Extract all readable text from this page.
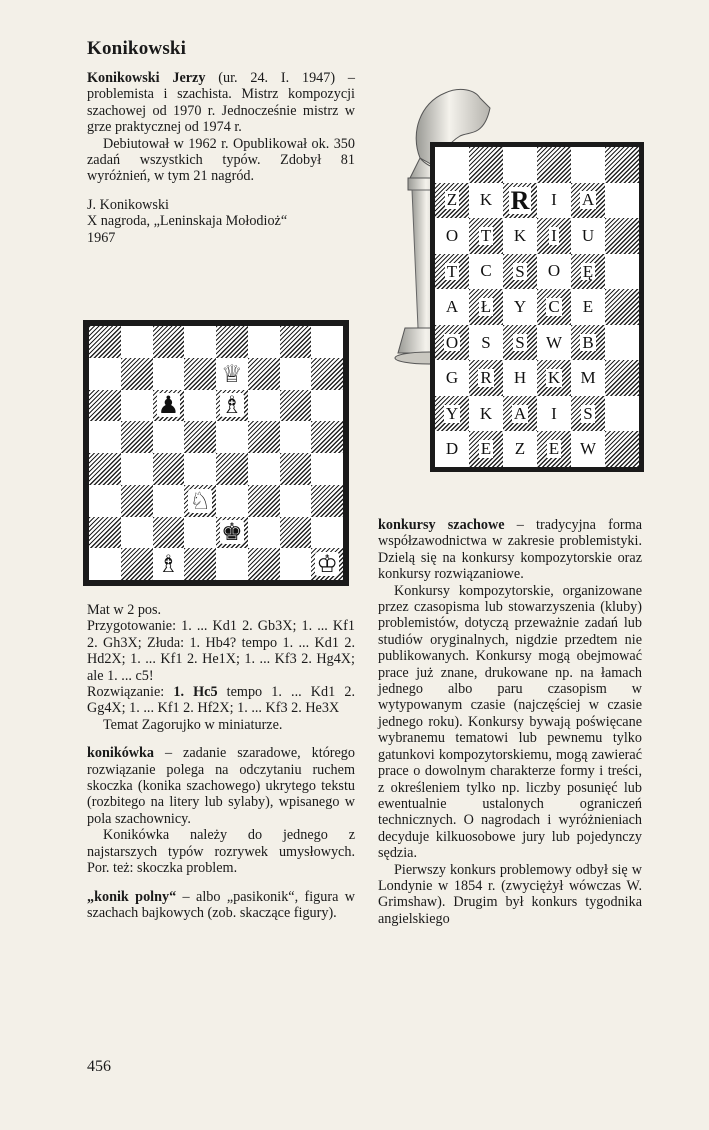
Konikowski

Konikowski Jerzy (ur. 24. I. 1947) – problemista i szachista. Mistrz kompozycji szachowej od 1970 r. Jednocześnie mistrz w grze praktycznej od 1974 r.

Debiutował w 1962 r. Opublikował ok. 350 zadań wszystkich typów. Zdobył 81 wyróżnień, w tym 21 nagród.

J. Konikowski

X nagroda, „Leninskaja Mołodioż“

1967

♕
♟ ♗
♘
♚
♗	♔

Mat w 2 pos.

Przygotowanie: 1. ... Kd1 2. Gb3X; 1. ... Kf1 2. Gh3X; Złuda: 1. Hb4? tempo 1. ... Kd1 2. Hd2X; 1. ... Kf1 2. He1X; 1. ... Kf3 2. Hg4X; ale 1. ... c5!

Rozwiązanie: 1. Hc5 tempo 1. ... Kd1 2. Gg4X; 1. ... Kf1 2. Hf2X; 1. ... Kf3 2. He3X

Temat Zagorujko w miniaturze.

konikówka – zadanie szaradowe, którego rozwiązanie polega na odczytaniu ruchem skoczka (konika szachowego) ukrytego tekstu (rozbitego na litery lub sylaby), wpisanego w pola szachownicy.

Konikówka należy do jednego z najstarszych typów rozrywek umysłowych. Por. też: skoczka problem.

„konik polny“ – albo „pasikonik“, figura w szachach bajkowych (zob. skaczące figury).

Z K R I A
O T K I U
T C S O Ę
A Ł Y C E
O S S W B
G R H K M
Y K A I S
D E Z E W

konkursy szachowe – tradycyjna forma współzawodnictwa w zakresie problemistyki. Dzielą się na konkursy kompozytorskie oraz konkursy rozwiązaniowe.

Konkursy kompozytorskie, organizowane przez czasopisma lub stowarzyszenia (kluby) problemistów, dotyczą przeważnie zadań lub studiów oryginalnych, nigdzie przedtem nie publikowanych. Konkursy mogą obejmować prace już znane, drukowane np. na łamach jednego albo paru czasopism w wytypowanym czasie (najczęściej w czasie jednego roku). Konkursy bywają poświęcane wybranemu tematowi lub pewnemu tylko gatunkovi kompozytorskiemu, mogą zawierać prace o dowolnym charakterze formy i treści, z określeniem tylko np. liczby posunięć lub ewentualnie ustalonych ograniczeń technicznych. O nagrodach i wyróżnieniach decyduje kilkuosobowe jury lub pojedynczy sędzia.

Pierwszy konkurs problemowy odbył się w Londynie w 1854 r. (zwyciężył wówczas W. Grimshaw). Drugim był konkurs tygodnika angielskiego

456
